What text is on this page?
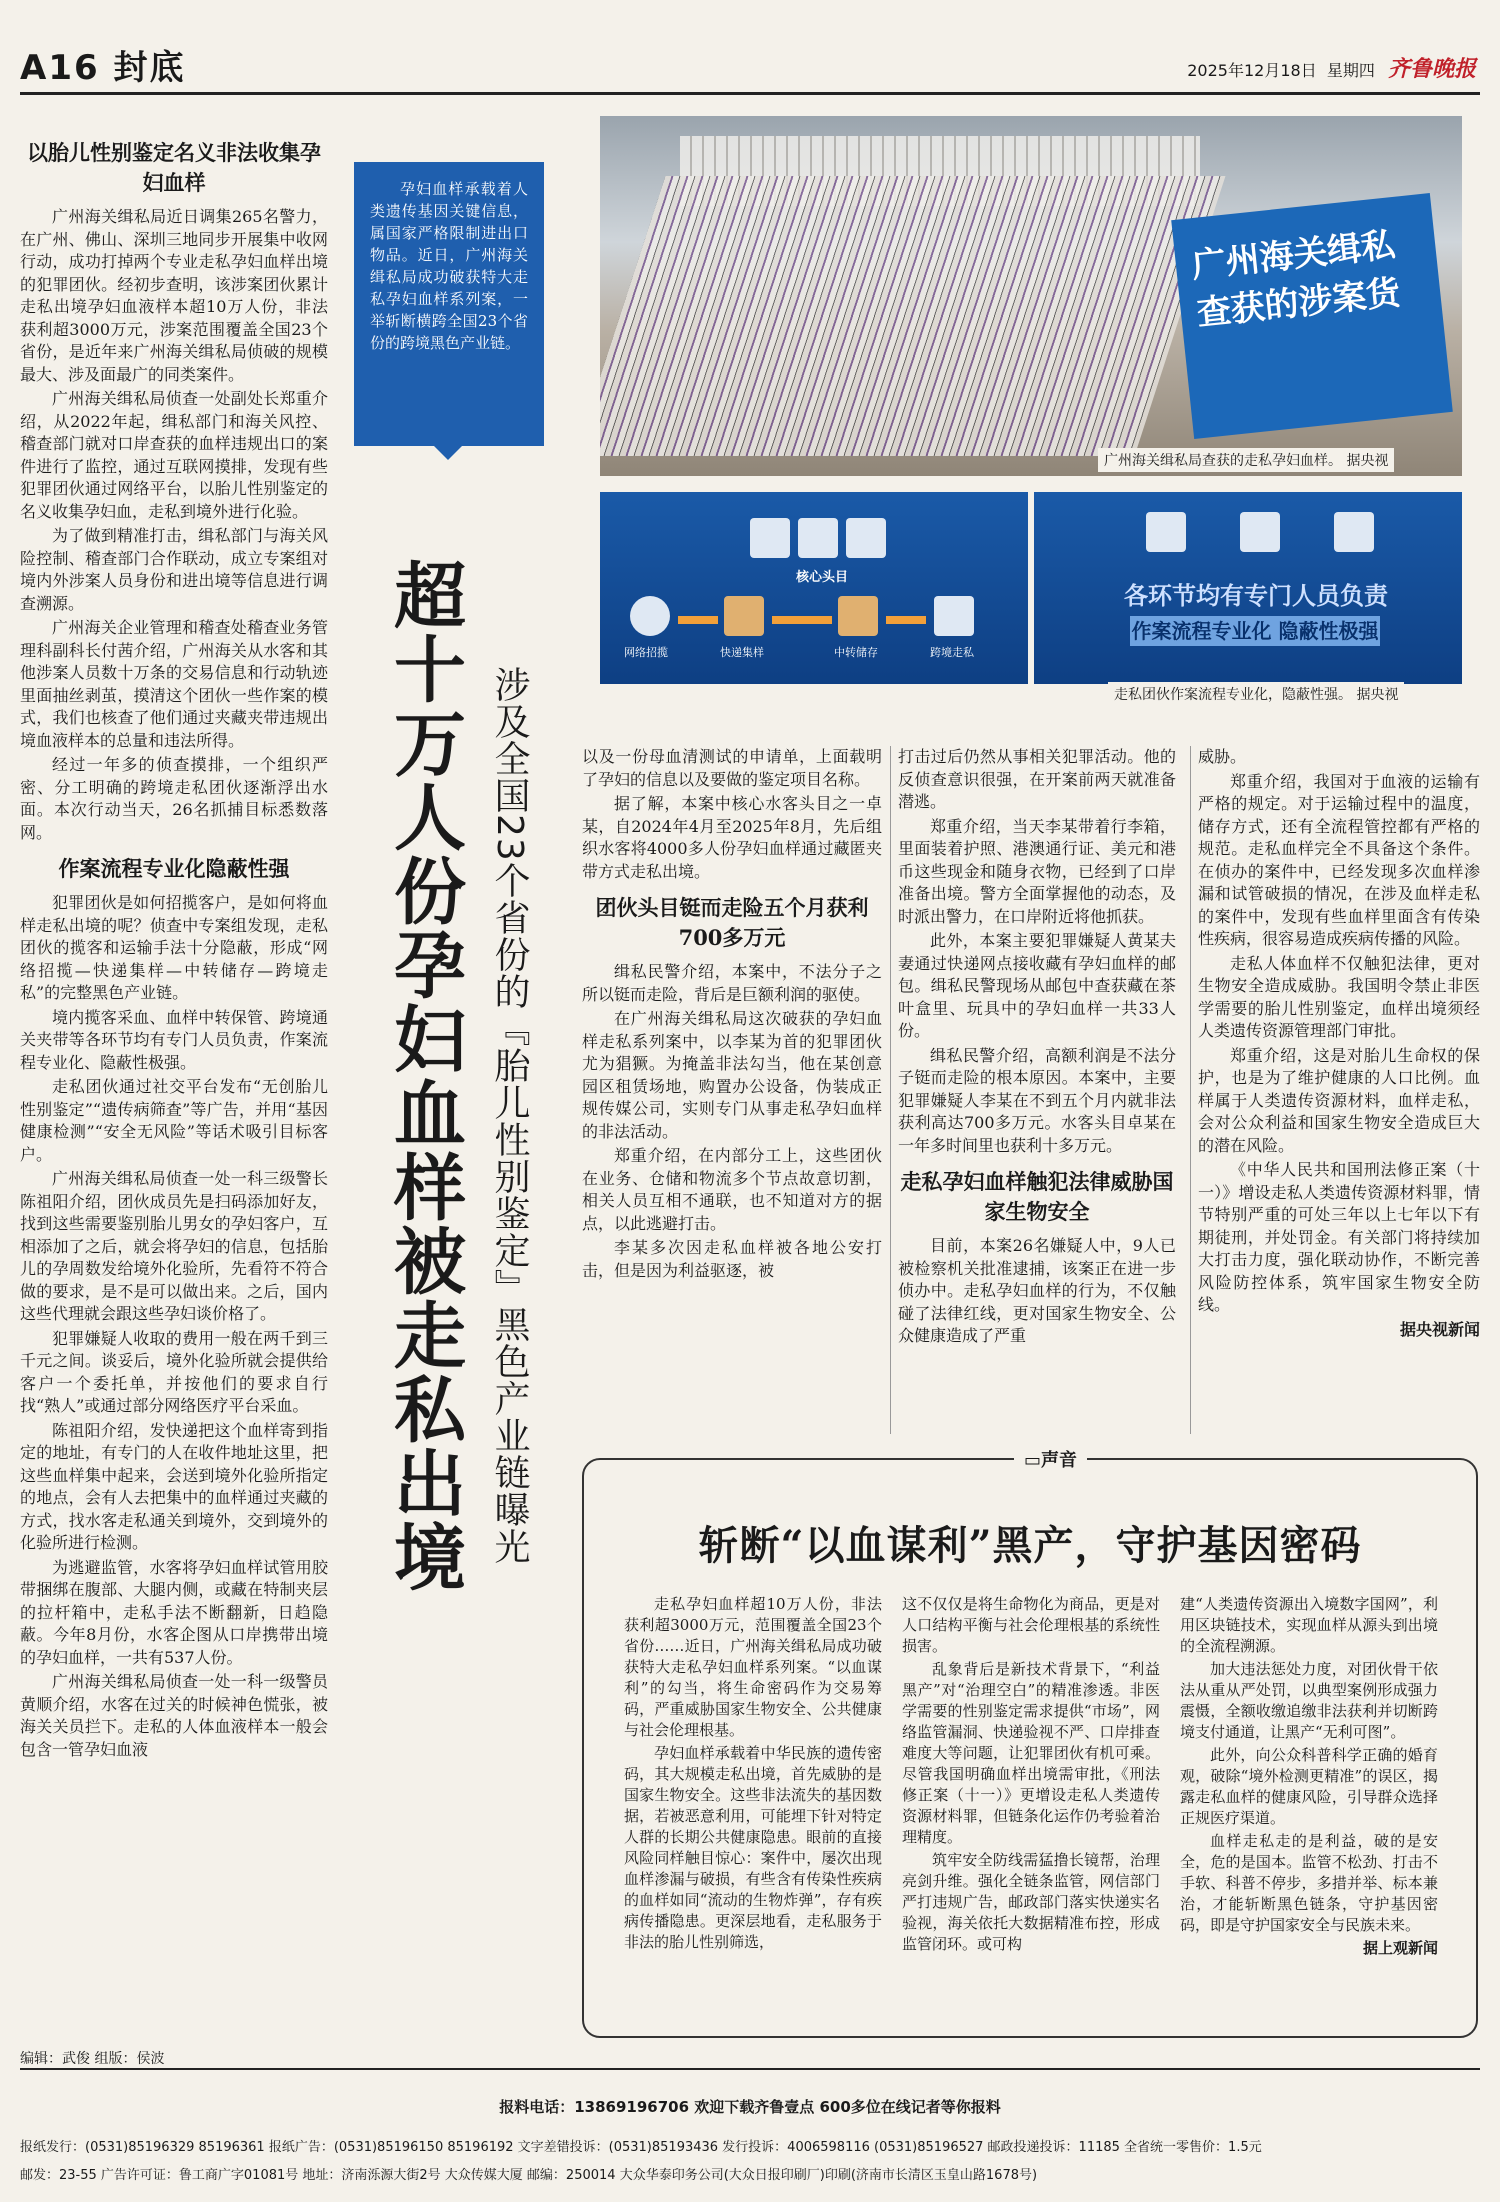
A16 封底	2025年12月18日 星期四 齐鲁晚报
以胎儿性别鉴定名义非法收集孕妇血样

广州海关缉私局近日调集265名警力，在广州、佛山、深圳三地同步开展集中收网行动，成功打掉两个专业走私孕妇血样出境的犯罪团伙。经初步查明，该涉案团伙累计走私出境孕妇血液样本超10万人份，非法获利超3000万元，涉案范围覆盖全国23个省份，是近年来广州海关缉私局侦破的规模最大、涉及面最广的同类案件。

广州海关缉私局侦查一处副处长郑重介绍，从2022年起，缉私部门和海关风控、稽查部门就对口岸查获的血样违规出口的案件进行了监控，通过互联网摸排，发现有些犯罪团伙通过网络平台，以胎儿性别鉴定的名义收集孕妇血，走私到境外进行化验。

为了做到精准打击，缉私部门与海关风险控制、稽查部门合作联动，成立专案组对境内外涉案人员身份和进出境等信息进行调查溯源。

广州海关企业管理和稽查处稽查业务管理科副科长付茜介绍，广州海关从水客和其他涉案人员数十万条的交易信息和行动轨迹里面抽丝剥茧，摸清这个团伙一些作案的模式，我们也核查了他们通过夹藏夹带违规出境血液样本的总量和违法所得。

经过一年多的侦查摸排，一个组织严密、分工明确的跨境走私团伙逐渐浮出水面。本次行动当天，26名抓捕目标悉数落网。

作案流程专业化隐蔽性强

犯罪团伙是如何招揽客户，是如何将血样走私出境的呢？侦查中专案组发现，走私团伙的揽客和运输手法十分隐蔽，形成“网络招揽—快递集样—中转储存—跨境走私”的完整黑色产业链。

境内揽客采血、血样中转保管、跨境通关夹带等各环节均有专门人员负责，作案流程专业化、隐蔽性极强。

走私团伙通过社交平台发布“无创胎儿性别鉴定”“遗传病筛查”等广告，并用“基因健康检测”“安全无风险”等话术吸引目标客户。

广州海关缉私局侦查一处一科三级警长陈祖阳介绍，团伙成员先是扫码添加好友，找到这些需要鉴别胎儿男女的孕妇客户，互相添加了之后，就会将孕妇的信息，包括胎儿的孕周数发给境外化验所，先看符不符合做的要求，是不是可以做出来。之后，国内这些代理就会跟这些孕妇谈价格了。

犯罪嫌疑人收取的费用一般在两千到三千元之间。谈妥后，境外化验所就会提供给客户一个委托单，并按他们的要求自行找“熟人”或通过部分网络医疗平台采血。

陈祖阳介绍，发快递把这个血样寄到指定的地址，有专门的人在收件地址这里，把这些血样集中起来，会送到境外化验所指定的地点，会有人去把集中的血样通过夹藏的方式，找水客走私通关到境外，交到境外的化验所进行检测。

为逃避监管，水客将孕妇血样试管用胶带捆绑在腹部、大腿内侧，或藏在特制夹层的拉杆箱中，走私手法不断翻新，日趋隐蔽。今年8月份，水客企图从口岸携带出境的孕妇血样，一共有537人份。

广州海关缉私局侦查一处一科一级警员黄顺介绍，水客在过关的时候神色慌张，被海关关员拦下。走私的人体血液样本一般会包含一管孕妇血液

孕妇血样承载着人类遗传基因关键信息，属国家严格限制进出口物品。近日，广州海关缉私局成功破获特大走私孕妇血样系列案，一举斩断横跨全国23个省份的跨境黑色产业链。
超十万人份孕妇血样被走私出境 涉及全国23个省份的『胎儿性别鉴定』黑色产业链曝光
广州海关缉私查获的涉案货
广州海关缉私局查获的走私孕妇血样。 据央视
核心头目
网络招揽	快递集样	中转储存	跨境走私
各环节均有专门人员负责
作案流程专业化 隐蔽性极强
走私团伙作案流程专业化，隐蔽性强。 据央视

以及一份母血清测试的申请单，上面载明了孕妇的信息以及要做的鉴定项目名称。

据了解，本案中核心水客头目之一卓某，自2024年4月至2025年8月，先后组织水客将4000多人份孕妇血样通过藏匿夹带方式走私出境。

团伙头目铤而走险五个月获利700多万元

缉私民警介绍，本案中，不法分子之所以铤而走险，背后是巨额利润的驱使。

在广州海关缉私局这次破获的孕妇血样走私系列案中，以李某为首的犯罪团伙尤为猖獗。为掩盖非法勾当，他在某创意园区租赁场地，购置办公设备，伪装成正规传媒公司，实则专门从事走私孕妇血样的非法活动。

郑重介绍，在内部分工上，这些团伙在业务、仓储和物流多个节点故意切割，相关人员互相不通联，也不知道对方的据点，以此逃避打击。

李某多次因走私血样被各地公安打击，但是因为利益驱逐，被

打击过后仍然从事相关犯罪活动。他的反侦查意识很强，在开案前两天就准备潜逃。

郑重介绍，当天李某带着行李箱，里面装着护照、港澳通行证、美元和港币这些现金和随身衣物，已经到了口岸准备出境。警方全面掌握他的动态，及时派出警力，在口岸附近将他抓获。

此外，本案主要犯罪嫌疑人黄某夫妻通过快递网点接收藏有孕妇血样的邮包。缉私民警现场从邮包中查获藏在茶叶盒里、玩具中的孕妇血样一共33人份。

缉私民警介绍，高额利润是不法分子铤而走险的根本原因。本案中，主要犯罪嫌疑人李某在不到五个月内就非法获利高达700多万元。水客头目卓某在一年多时间里也获利十多万元。

走私孕妇血样触犯法律威胁国家生物安全

目前，本案26名嫌疑人中，9人已被检察机关批准逮捕，该案正在进一步侦办中。走私孕妇血样的行为，不仅触碰了法律红线，更对国家生物安全、公众健康造成了严重

威胁。

郑重介绍，我国对于血液的运输有严格的规定。对于运输过程中的温度，储存方式，还有全流程管控都有严格的规范。走私血样完全不具备这个条件。在侦办的案件中，已经发现多次血样渗漏和试管破损的情况，在涉及血样走私的案件中，发现有些血样里面含有传染性疾病，很容易造成疾病传播的风险。

走私人体血样不仅触犯法律，更对生物安全造成威胁。我国明令禁止非医学需要的胎儿性别鉴定，血样出境须经人类遗传资源管理部门审批。

郑重介绍，这是对胎儿生命权的保护，也是为了维护健康的人口比例。血样属于人类遗传资源材料，血样走私，会对公众利益和国家生物安全造成巨大的潜在风险。

《中华人民共和国刑法修正案（十一）》增设走私人类遗传资源材料罪，情节特别严重的可处三年以上七年以下有期徒刑，并处罚金。有关部门将持续加大打击力度，强化联动协作，不断完善风险防控体系，筑牢国家生物安全防线。

据央视新闻
▭声音
斩断“以血谋利”黑产，守护基因密码

走私孕妇血样超10万人份，非法获利超3000万元，范围覆盖全国23个省份……近日，广州海关缉私局成功破获特大走私孕妇血样系列案。“以血谋利”的勾当，将生命密码作为交易筹码，严重威胁国家生物安全、公共健康与社会伦理根基。

孕妇血样承载着中华民族的遗传密码，其大规模走私出境，首先威胁的是国家生物安全。这些非法流失的基因数据，若被恶意利用，可能埋下针对特定人群的长期公共健康隐患。眼前的直接风险同样触目惊心：案件中，屡次出现血样渗漏与破损，有些含有传染性疾病的血样如同“流动的生物炸弹”，存有疾病传播隐患。更深层地看，走私服务于非法的胎儿性别筛选，

这不仅仅是将生命物化为商品，更是对人口结构平衡与社会伦理根基的系统性损害。

乱象背后是新技术背景下，“利益黑产”对“治理空白”的精准渗透。非医学需要的性别鉴定需求提供“市场”，网络监管漏洞、快递验视不严、口岸排查难度大等问题，让犯罪团伙有机可乘。尽管我国明确血样出境需审批，《刑法修正案（十一）》更增设走私人类遗传资源材料罪，但链条化运作仍考验着治理精度。

筑牢安全防线需猛撸长镜帮，治理亮剑升维。强化全链条监管，网信部门严打违规广告，邮政部门落实快递实名验视，海关依托大数据精准布控，形成监管闭环。或可构

建“人类遗传资源出入境数字国网”，利用区块链技术，实现血样从源头到出境的全流程溯源。

加大违法惩处力度，对团伙骨干依法从重从严处罚，以典型案例形成强力震慑，全额收缴追缴非法获利并切断跨境支付通道，让黑产“无利可图”。

此外，向公众科普科学正确的婚育观，破除“境外检测更精准”的误区，揭露走私血样的健康风险，引导群众选择正规医疗渠道。

血样走私走的是利益，破的是安全，危的是国本。监管不松劲、打击不手软、科普不停步，多措并举、标本兼治，才能斩断黑色链条，守护基因密码，即是守护国家安全与民族未来。

据上观新闻
编辑：武俊 组版：侯波
报料电话：13869196706 欢迎下载齐鲁壹点 600多位在线记者等你报料
报纸发行：(0531)85196329 85196361 报纸广告：(0531)85196150 85196192 文字差错投诉：(0531)85193436 发行投诉：4006598116 (0531)85196527 邮政投递投诉：11185 全省统一零售价：1.5元
邮发：23-55 广告许可证：鲁工商广字01081号 地址：济南泺源大街2号 大众传媒大厦 邮编：250014 大众华泰印务公司(大众日报印刷厂)印刷(济南市长清区玉皇山路1678号)
